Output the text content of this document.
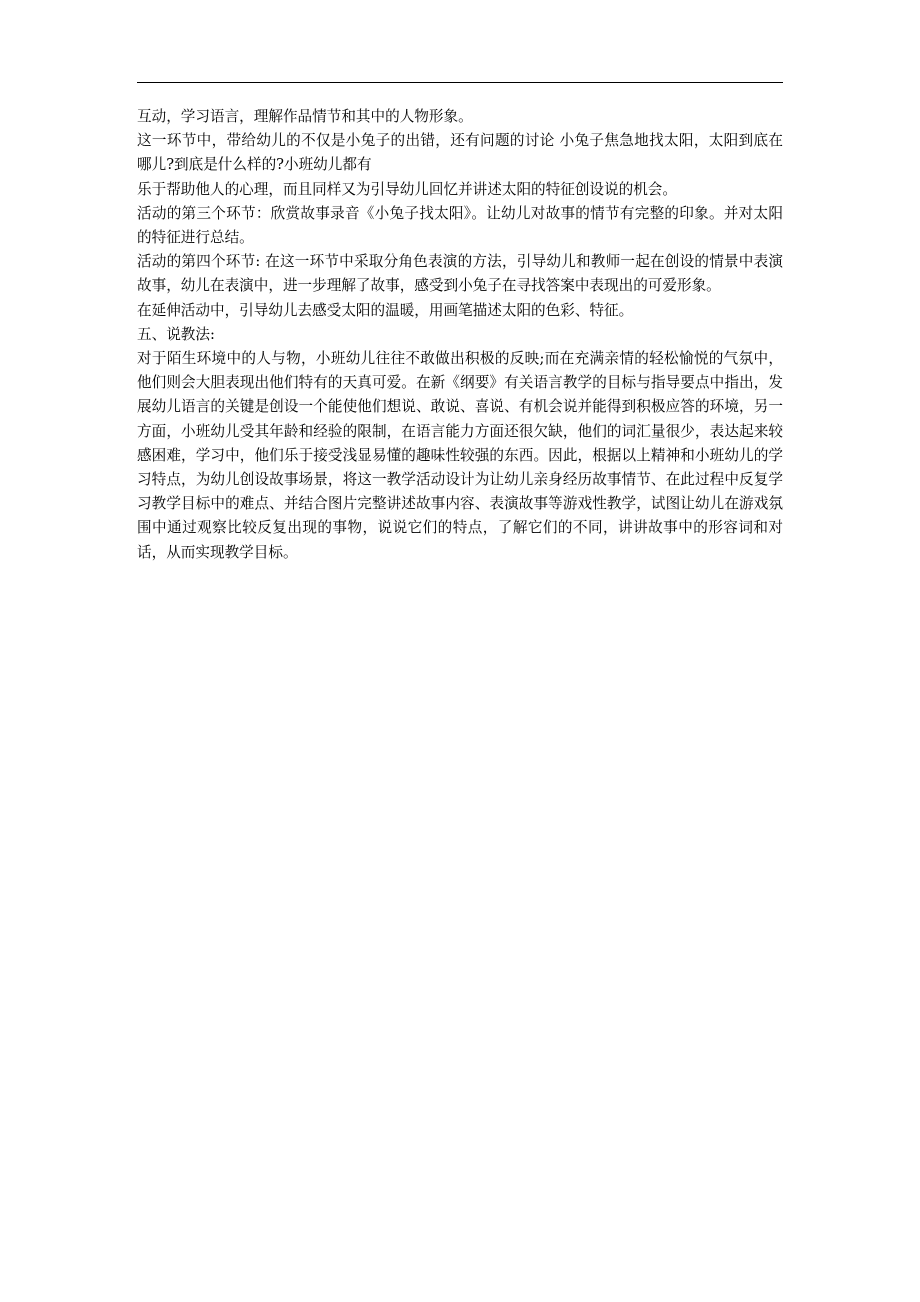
互动，学习语言，理解作品情节和其中的人物形象。

这一环节中，带给幼儿的不仅是小兔子的出错，还有问题的讨论 小兔子焦急地找太阳，太阳到底在哪儿?到底是什么样的?小班幼儿都有

乐于帮助他人的心理，而且同样又为引导幼儿回忆并讲述太阳的特征创设说的机会。

活动的第三个环节：欣赏故事录音《小兔子找太阳》。让幼儿对故事的情节有完整的印象。并对太阳的特征进行总结。

活动的第四个环节: 在这一环节中采取分角色表演的方法，引导幼儿和教师一起在创设的情景中表演故事，幼儿在表演中，进一步理解了故事，感受到小兔子在寻找答案中表现出的可爱形象。

在延伸活动中，引导幼儿去感受太阳的温暖，用画笔描述太阳的色彩、特征。

五、说教法:

对于陌生环境中的人与物，小班幼儿往往不敢做出积极的反映;而在充满亲情的轻松愉悦的气氛中，他们则会大胆表现出他们特有的天真可爱。在新《纲要》有关语言教学的目标与指导要点中指出，发展幼儿语言的关键是创设一个能使他们想说、敢说、喜说、有机会说并能得到积极应答的环境，另一方面，小班幼儿受其年龄和经验的限制，在语言能力方面还很欠缺，他们的词汇量很少，表达起来较感困难，学习中，他们乐于接受浅显易懂的趣味性较强的东西。因此，根据以上精神和小班幼儿的学习特点，为幼儿创设故事场景，将这一教学活动设计为让幼儿亲身经历故事情节、在此过程中反复学习教学目标中的难点、并结合图片完整讲述故事内容、表演故事等游戏性教学，试图让幼儿在游戏氛围中通过观察比较反复出现的事物，说说它们的特点，了解它们的不同，讲讲故事中的形容词和对话，从而实现教学目标。
